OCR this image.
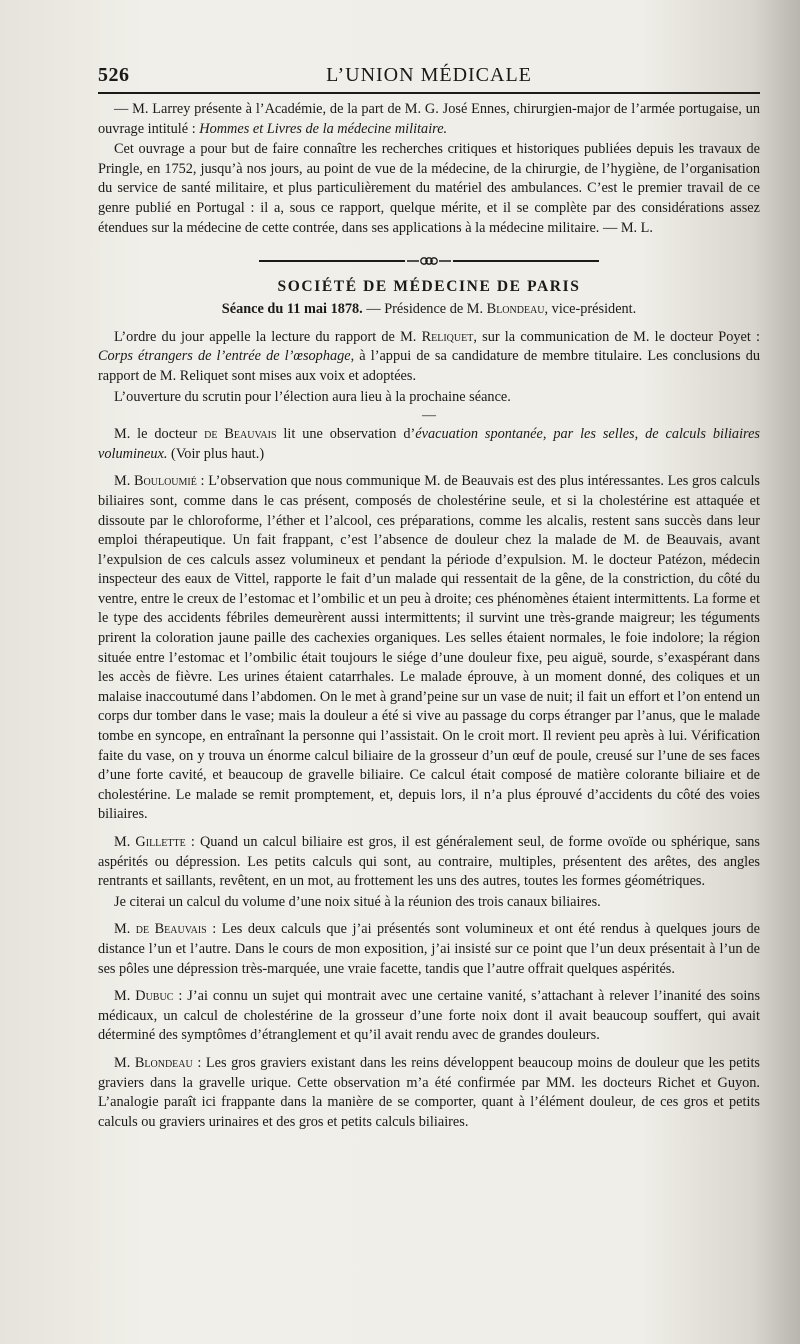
526	L’UNION MÉDICALE

— M. Larrey présente à l’Académie, de la part de M. G. José Ennes, chirurgien-major de l’armée portugaise, un ouvrage intitulé : Hommes et Livres de la médecine militaire.

Cet ouvrage a pour but de faire connaître les recherches critiques et historiques publiées depuis les travaux de Pringle, en 1752, jusqu’à nos jours, au point de vue de la médecine, de la chirurgie, de l’hygiène, de l’organisation du service de santé militaire, et plus particulièrement du matériel des ambulances. C’est le premier travail de ce genre publié en Portugal : il a, sous ce rapport, quelque mérite, et il se complète par des considérations assez étendues sur la médecine de cette contrée, dans ses applications à la médecine militaire. — M. L.

SOCIÉTÉ DE MÉDECINE DE PARIS

Séance du 11 mai 1878. — Présidence de M. Blondeau, vice-président.

L’ordre du jour appelle la lecture du rapport de M. Reliquet, sur la communication de M. le docteur Poyet : Corps étrangers de l’entrée de l’œsophage, à l’appui de sa candidature de membre titulaire. Les conclusions du rapport de M. Reliquet sont mises aux voix et adoptées.

L’ouverture du scrutin pour l’élection aura lieu à la prochaine séance.

—

M. le docteur de Beauvais lit une observation d’évacuation spontanée, par les selles, de calculs biliaires volumineux. (Voir plus haut.)

M. Bouloumié : L’observation que nous communique M. de Beauvais est des plus intéressantes. Les gros calculs biliaires sont, comme dans le cas présent, composés de cholestérine seule, et si la cholestérine est attaquée et dissoute par le chloroforme, l’éther et l’alcool, ces préparations, comme les alcalis, restent sans succès dans leur emploi thérapeutique. Un fait frappant, c’est l’absence de douleur chez la malade de M. de Beauvais, avant l’expulsion de ces calculs assez volumineux et pendant la période d’expulsion. M. le docteur Patézon, médecin inspecteur des eaux de Vittel, rapporte le fait d’un malade qui ressentait de la gêne, de la constriction, du côté du ventre, entre le creux de l’estomac et l’ombilic et un peu à droite; ces phénomènes étaient intermittents. La forme et le type des accidents fébriles demeurèrent aussi intermittents; il survint une très-grande maigreur; les téguments prirent la coloration jaune paille des cachexies organiques. Les selles étaient normales, le foie indolore; la région située entre l’estomac et l’ombilic était toujours le siége d’une douleur fixe, peu aiguë, sourde, s’exaspérant dans les accès de fièvre. Les urines étaient catarrhales. Le malade éprouve, à un moment donné, des coliques et un malaise inaccoutumé dans l’abdomen. On le met à grand’peine sur un vase de nuit; il fait un effort et l’on entend un corps dur tomber dans le vase; mais la douleur a été si vive au passage du corps étranger par l’anus, que le malade tombe en syncope, en entraînant la personne qui l’assistait. On le croit mort. Il revient peu après à lui. Vérification faite du vase, on y trouva un énorme calcul biliaire de la grosseur d’un œuf de poule, creusé sur l’une de ses faces d’une forte cavité, et beaucoup de gravelle biliaire. Ce calcul était composé de matière colorante biliaire et de cholestérine. Le malade se remit promptement, et, depuis lors, il n’a plus éprouvé d’accidents du côté des voies biliaires.

M. Gillette : Quand un calcul biliaire est gros, il est généralement seul, de forme ovoïde ou sphérique, sans aspérités ou dépression. Les petits calculs qui sont, au contraire, multiples, présentent des arêtes, des angles rentrants et saillants, revêtent, en un mot, au frottement les uns des autres, toutes les formes géométriques.

Je citerai un calcul du volume d’une noix situé à la réunion des trois canaux biliaires.

M. de Beauvais : Les deux calculs que j’ai présentés sont volumineux et ont été rendus à quelques jours de distance l’un et l’autre. Dans le cours de mon exposition, j’ai insisté sur ce point que l’un deux présentait à l’un de ses pôles une dépression très-marquée, une vraie facette, tandis que l’autre offrait quelques aspérités.

M. Dubuc : J’ai connu un sujet qui montrait avec une certaine vanité, s’attachant à relever l’inanité des soins médicaux, un calcul de cholestérine de la grosseur d’une forte noix dont il avait beaucoup souffert, qui avait déterminé des symptômes d’étranglement et qu’il avait rendu avec de grandes douleurs.

M. Blondeau : Les gros graviers existant dans les reins développent beaucoup moins de douleur que les petits graviers dans la gravelle urique. Cette observation m’a été confirmée par MM. les docteurs Richet et Guyon. L’analogie paraît ici frappante dans la manière de se comporter, quant à l’élément douleur, de ces gros et petits calculs ou graviers urinaires et des gros et petits calculs biliaires.
